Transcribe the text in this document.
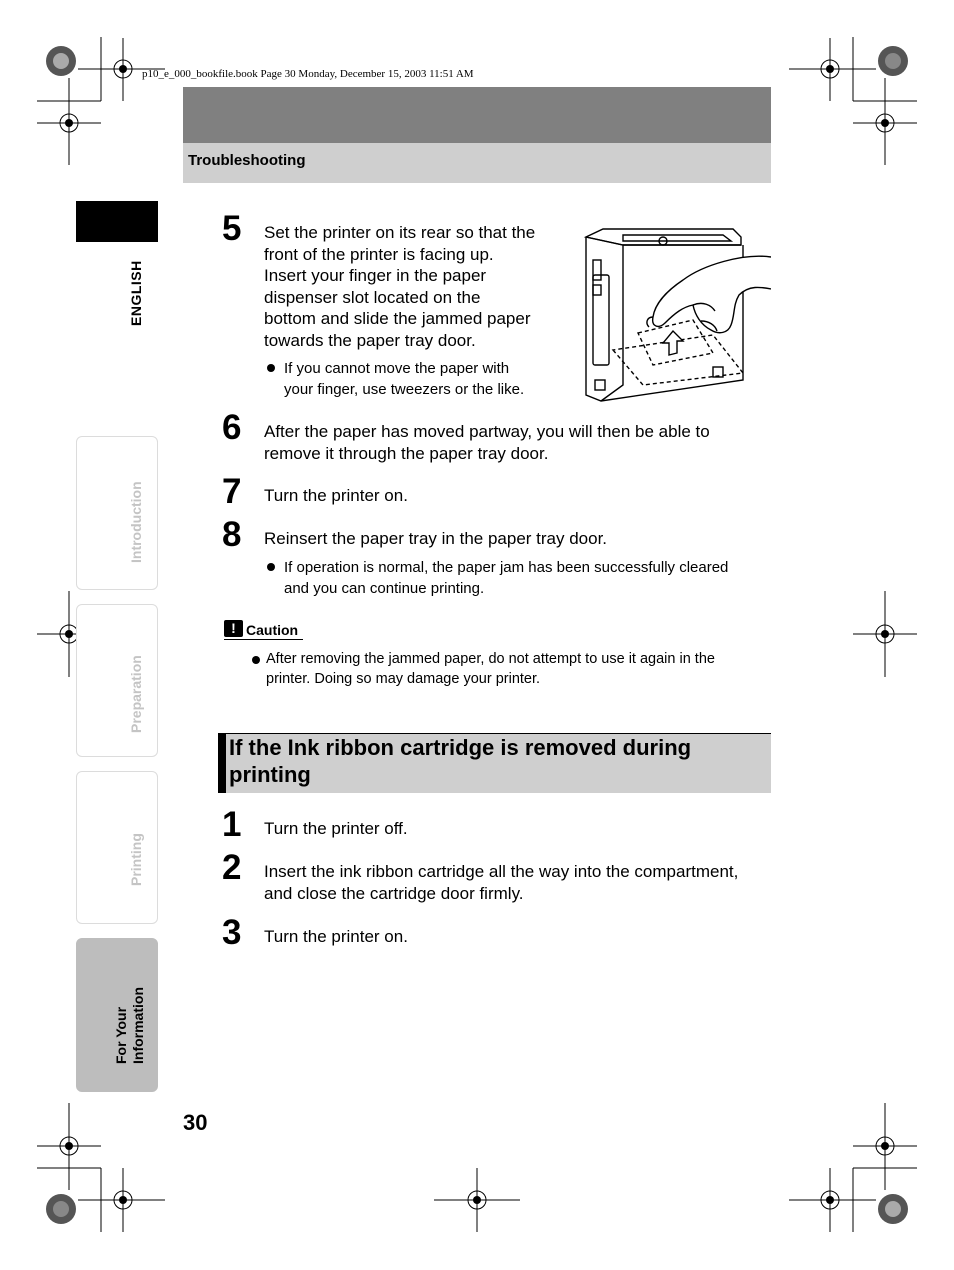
p10_e_000_bookfile.book Page 30 Monday, December 15, 2003 11:51 AM
Troubleshooting
ENGLISH
Introduction
Preparation
Printing
For Your
Information
5 Set the printer on its rear so that the
front of the printer is facing up.
Insert your finger in the paper
dispenser slot located on the
bottom and slide the jammed paper
towards the paper tray door.
If you cannot move the paper with
your finger, use tweezers or the like.
6 After the paper has moved partway, you will then be able to
remove it through the paper tray door.
7 Turn the printer on.
8 Reinsert the paper tray in the paper tray door.
If operation is normal, the paper jam has been successfully cleared
and you can continue printing.
! Caution
After removing the jammed paper, do not attempt to use it again in the
printer. Doing so may damage your printer.
If the Ink ribbon cartridge is removed during
printing
1 Turn the printer off.
2 Insert the ink ribbon cartridge all the way into the compartment,
and close the cartridge door firmly.
3 Turn the printer on.
30
